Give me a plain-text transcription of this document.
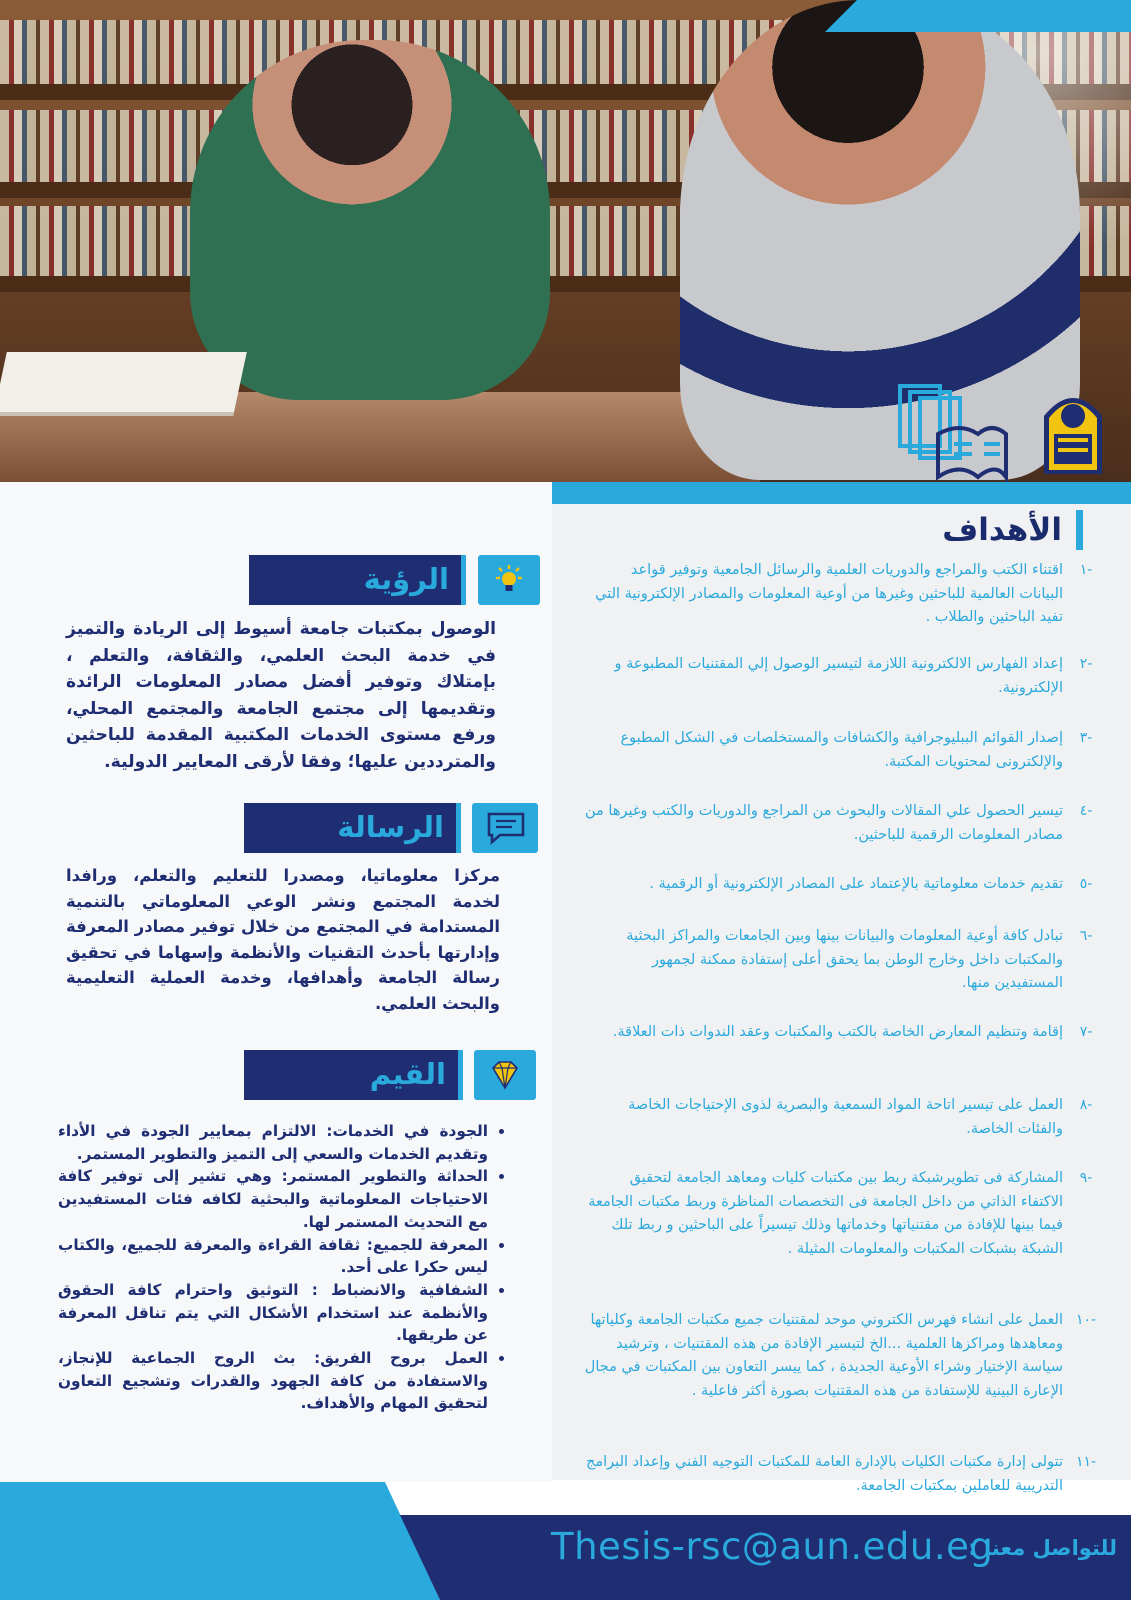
الأهداف
-١
اقتناء الكتب والمراجع والدوريات العلمية والرسائل الجامعية وتوفير قواعد البيانات العالمية للباحثين وغيرها من أوعية المعلومات والمصادر الإلكترونية التي تفيد الباحثين والطلاب .
-٢
إعداد الفهارس الالكترونية اللازمة لتيسير الوصول إلي المقتنيات المطبوعة و الإلكترونية.
-٣
إصدار القوائم الببليوجرافية والكشافات والمستخلصات في الشكل المطبوع والإلكترونى لمحتويات المكتبة.
-٤
تيسير الحصول علي المقالات والبحوث من المراجع والدوريات والكتب وغيرها من مصادر المعلومات الرقمية للباحثين.
-٥
تقديم خدمات معلوماتية بالإعتماد على المصادر الإلكترونية أو الرقمية .
-٦
تبادل كافة أوعية المعلومات والبيانات بينها وبين الجامعات والمراكز البحثية والمكتبات داخل وخارج الوطن بما يحقق أعلى إستفادة ممكنة لجمهور المستفيدين منها.
-٧
إقامة وتنظيم المعارض الخاصة بالكتب والمكتبات وعقد الندوات ذات العلاقة.
-٨
العمل على تيسير اتاحة المواد السمعية والبصرية لذوى الإحتياجات الخاصة والفئات الخاصة.
-٩
المشاركة فى تطويرشبكة ربط بين مكتبات كليات ومعاهد الجامعة لتحقيق الاكتفاء الذاتي من داخل الجامعة فى التخصصات المناظرة وربط مكتبات الجامعة فيما بينها للإفادة من مقتنياتها وخدماتها وذلك تيسيراً على الباحثين و ربط تلك الشبكة بشبكات المكتبات والمعلومات المثيلة .
-١٠
العمل على انشاء فهرس الكتروني موحد لمقتنيات جميع مكتبات الجامعة وكلياتها ومعاهدها ومراكزها العلمية ...الخ لتيسير الإفادة من هذه المقتنيات ، وترشيد سياسة الإختيار وشراء الأوعية الجديدة ، كما ييسر التعاون بين المكتبات في مجال الإعارة البينية للإستفادة من هذه المقتنيات بصورة أكثر فاعلية .
-١١
تتولى إدارة مكتبات الكليات بالإدارة العامة للمكتبات التوجيه الفني وإعداد البرامج التدريبية للعاملين بمكتبات الجامعة.
الرؤية
الوصول بمكتبات جامعة أسيوط إلى الريادة والتميز في خدمة البحث العلمي، والثقافة، والتعلم ، بإمتلاك وتوفير أفضل مصادر المعلومات الرائدة وتقديمها إلى مجتمع الجامعة والمجتمع المحلي، ورفع مستوى الخدمات المكتبية المقدمة للباحثين والمترددين عليها؛ وفقا لأرقى المعايير الدولية.
الرسالة
مركزا معلوماتيا، ومصدرا للتعليم والتعلم، ورافدا لخدمة المجتمع ونشر الوعي المعلوماتي بالتنمية المستدامة في المجتمع من خلال توفير مصادر المعرفة وإدارتها بأحدث التقنيات والأنظمة وإسهاما في تحقيق رسالة الجامعة وأهدافها، وخدمة العملية التعليمية والبحث العلمي.
القيم
• الجودة في الخدمات: الالتزام بمعايير الجودة في الأداء وتقديم الخدمات والسعي إلى التميز والتطوير المستمر.
• الحداثة والتطوير المستمر: وهي تشير إلى توفير كافة الاحتياجات المعلوماتية والبحثية لكافه فئات المستفيدين مع التحديث المستمر لها.
• المعرفة للجميع: ثقافة القراءة والمعرفة للجميع، والكتاب ليس حكرا على أحد.
• الشفافية والانضباط : التوثيق واحترام كافة الحقوق والأنظمة عند استخدام الأشكال التي يتم تناقل المعرفة عن طريقها.
• العمل بروح الفريق: بث الروح الجماعية للإنجاز، والاستفادة من كافة الجهود والقدرات وتشجيع التعاون لتحقيق المهام والأهداف.
للتواصل معنا :
Thesis-rsc@aun.edu.eg
